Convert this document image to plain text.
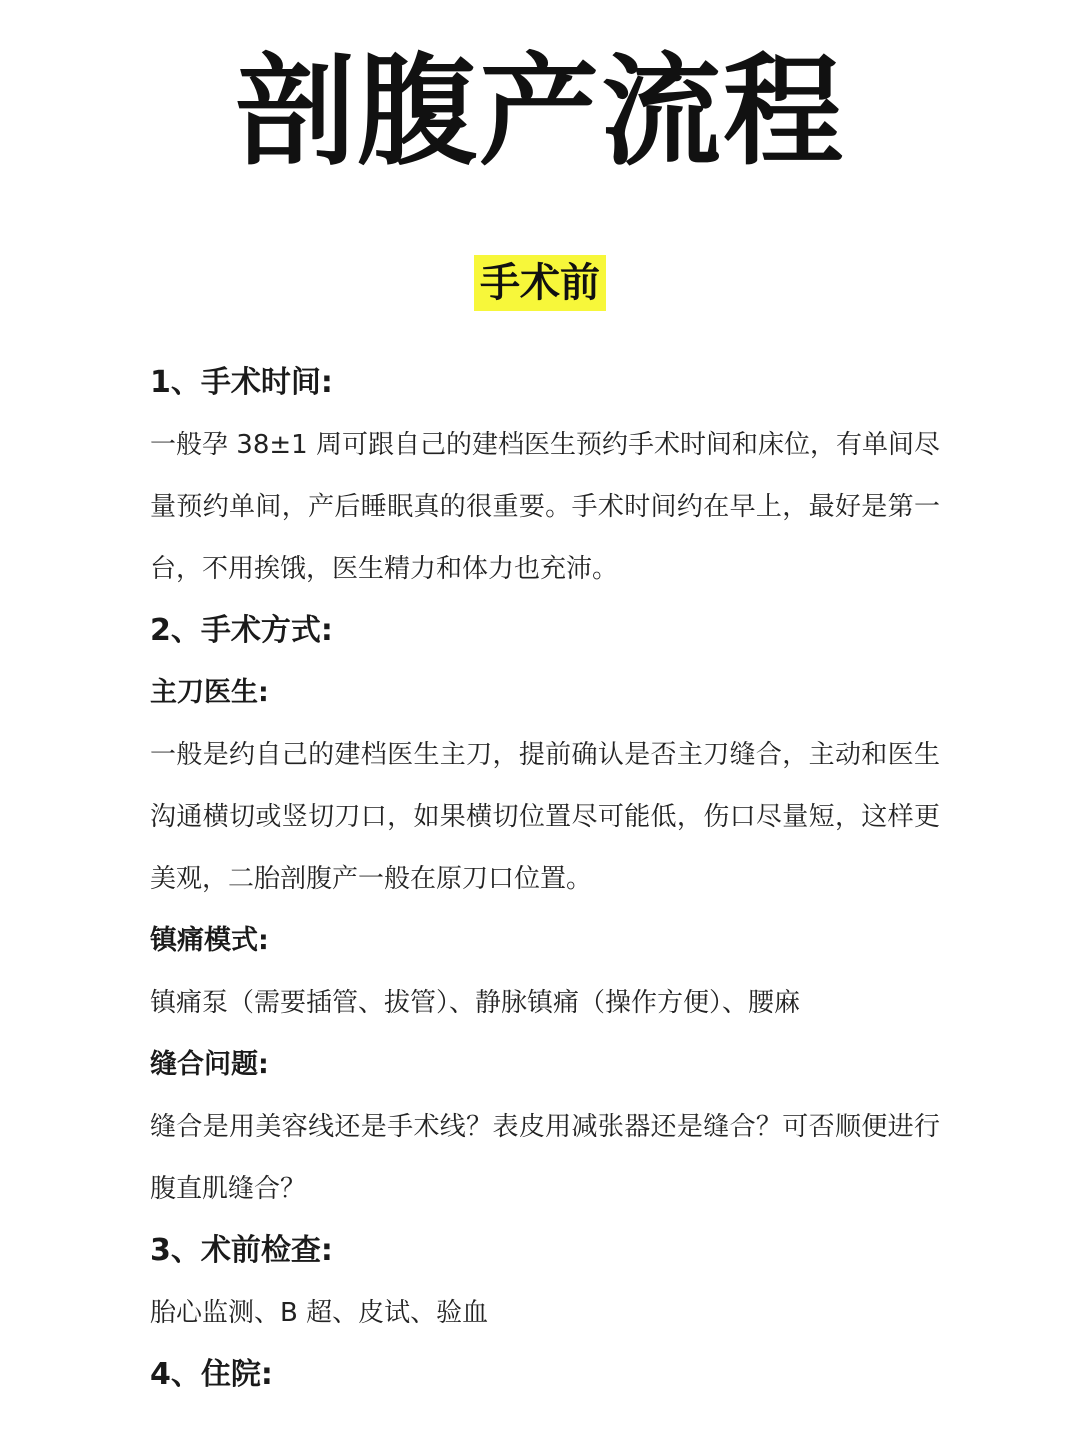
剖腹产流程
手术前
1、手术时间:
一般孕 38±1 周可跟自己的建档医生预约手术时间和床位，有单间尽量预约单间，产后睡眠真的很重要。手术时间约在早上，最好是第一台，不用挨饿，医生精力和体力也充沛。
2、手术方式:
主刀医生:
一般是约自己的建档医生主刀，提前确认是否主刀缝合，主动和医生沟通横切或竖切刀口，如果横切位置尽可能低，伤口尽量短，这样更美观，二胎剖腹产一般在原刀口位置。
镇痛模式:
镇痛泵（需要插管、拔管）、静脉镇痛（操作方便）、腰麻
缝合问题:
缝合是用美容线还是手术线？表皮用减张器还是缝合？可否顺便进行腹直肌缝合？
3、术前检查:
胎心监测、B 超、皮试、验血
4、住院:
